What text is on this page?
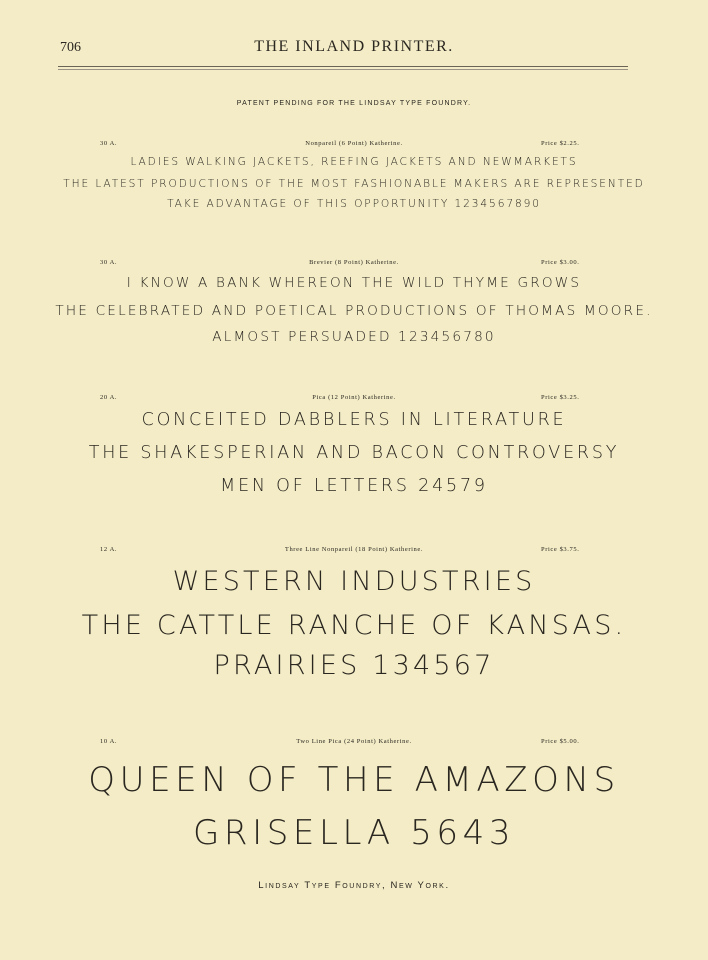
706	THE INLAND PRINTER.
PATENT PENDING FOR THE LINDSAY TYPE FOUNDRY.
30 A.	Nonpareil (6 Point) Katherine.	Price $2.25.
LADIES WALKING JACKETS, REEFING JACKETS AND NEWMARKETS
THE LATEST PRODUCTIONS OF THE MOST FASHIONABLE MAKERS ARE REPRESENTED
TAKE ADVANTAGE OF THIS OPPORTUNITY 1234567890
30 A.	Brevier (8 Point) Katherine.	Price $3.00.
I KNOW A BANK WHEREON THE WILD THYME GROWS
THE CELEBRATED AND POETICAL PRODUCTIONS OF THOMAS MOORE.
ALMOST PERSUADED 123456780
20 A.	Pica (12 Point) Katherine.	Price $3.25.
CONCEITED DABBLERS IN LITERATURE
THE SHAKESPERIAN AND BACON CONTROVERSY
MEN OF LETTERS 24579
12 A.	Three Line Nonpareil (18 Point) Katherine.	Price $3.75.
WESTERN INDUSTRIES
THE CATTLE RANCHE OF KANSAS.
PRAIRIES 134567
10 A.	Two Line Pica (24 Point) Katherine.	Price $5.00.
QUEEN OF THE AMAZONS
GRISELLA 5643
Lindsay Type Foundry, New York.
